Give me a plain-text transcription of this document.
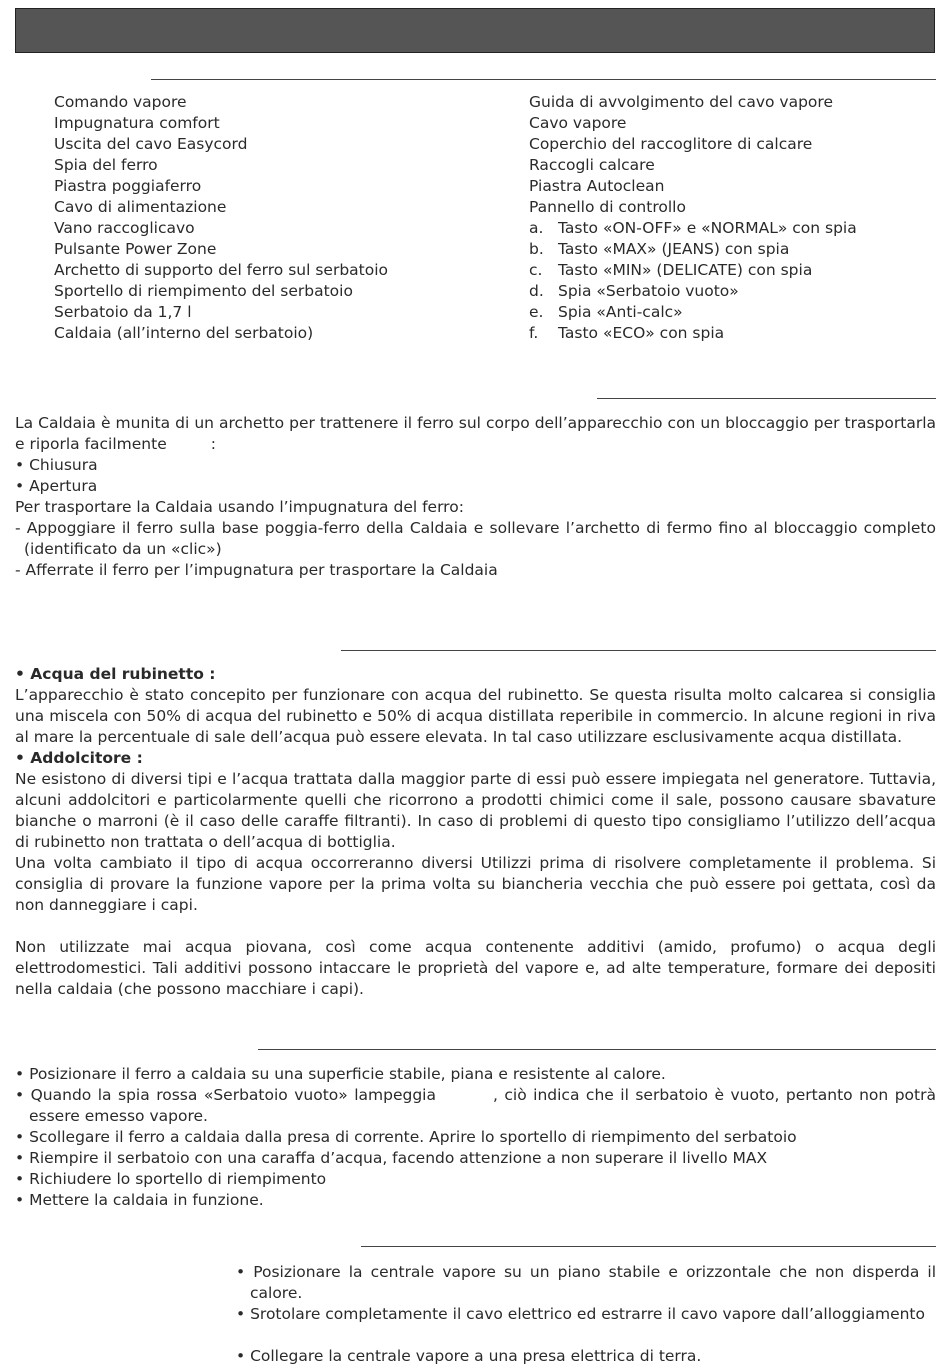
Comando vapore
Impugnatura comfort
Uscita del cavo Easycord
Spia del ferro
Piastra poggiaferro
Cavo di alimentazione
Vano raccoglicavo
Pulsante Power Zone
Archetto di supporto del ferro sul serbatoio
Sportello di riempimento del serbatoio
Serbatoio da 1,7 l
Caldaia (all’interno del serbatoio)
Guida di avvolgimento del cavo vapore
Cavo vapore
Coperchio del raccoglitore di calcare
Raccogli calcare
Piastra Autoclean
Pannello di controllo
a. Tasto «ON-OFF» e «NORMAL» con spia
b. Tasto «MAX» (JEANS) con spia
c. Tasto «MIN» (DELICATE) con spia
d. Spia «Serbatoio vuoto»
e. Spia «Anti-calc»
f. Tasto «ECO» con spia

La Caldaia è munita di un archetto per trattenere il ferro sul corpo dell’apparecchio con un bloccaggio per trasportarla e riporla facilmente	:

• Chiusura

• Apertura

Per trasportare la Caldaia usando l’impugnatura del ferro:

- Appoggiare il ferro sulla base poggia-ferro della Caldaia e sollevare l’archetto di fermo fino al bloccaggio completo (identificato da un «clic»)

- Afferrate il ferro per l’impugnatura per trasportare la Caldaia

• Acqua del rubinetto :

L’apparecchio è stato concepito per funzionare con acqua del rubinetto. Se questa risulta molto calcarea si consiglia una miscela con 50% di acqua del rubinetto e 50% di acqua distillata reperibile in commercio. In alcune regioni in riva al mare la percentuale di sale dell’acqua può essere elevata. In tal caso utilizzare esclusivamente acqua distillata.

• Addolcitore :

Ne esistono di diversi tipi e l’acqua trattata dalla maggior parte di essi può essere impiegata nel generatore. Tuttavia, alcuni addolcitori e particolarmente quelli che ricorrono a prodotti chimici come il sale, possono causare sbavature bianche o marroni (è il caso delle caraffe filtranti). In caso di problemi di questo tipo consigliamo l’utilizzo dell’acqua di rubinetto non trattata o dell’acqua di bottiglia.

Una volta cambiato il tipo di acqua occorreranno diversi Utilizzi prima di risolvere completamente il problema. Si consiglia di provare la funzione vapore per la prima volta su biancheria vecchia che può essere poi gettata, così da non danneggiare i capi.

Non utilizzate mai acqua piovana, così come acqua contenente additivi (amido, profumo) o acqua degli elettrodomestici. Tali additivi possono intaccare le proprietà del vapore e, ad alte temperature, formare dei depositi nella caldaia (che possono macchiare i capi).

• Posizionare il ferro a caldaia su una superficie stabile, piana e resistente al calore.

• Quando la spia rossa «Serbatoio vuoto» lampeggia	, ciò indica che il serbatoio è vuoto, pertanto non potrà essere emesso vapore.

• Scollegare il ferro a caldaia dalla presa di corrente. Aprire lo sportello di riempimento del serbatoio

• Riempire il serbatoio con una caraffa d’acqua, facendo attenzione a non superare il livello MAX

• Richiudere lo sportello di riempimento

• Mettere la caldaia in funzione.

• Posizionare la centrale vapore su un piano stabile e orizzontale che non disperda il calore.

• Srotolare completamente il cavo elettrico ed estrarre il cavo vapore dall’alloggiamento

• Collegare la centrale vapore a una presa elettrica di terra.
